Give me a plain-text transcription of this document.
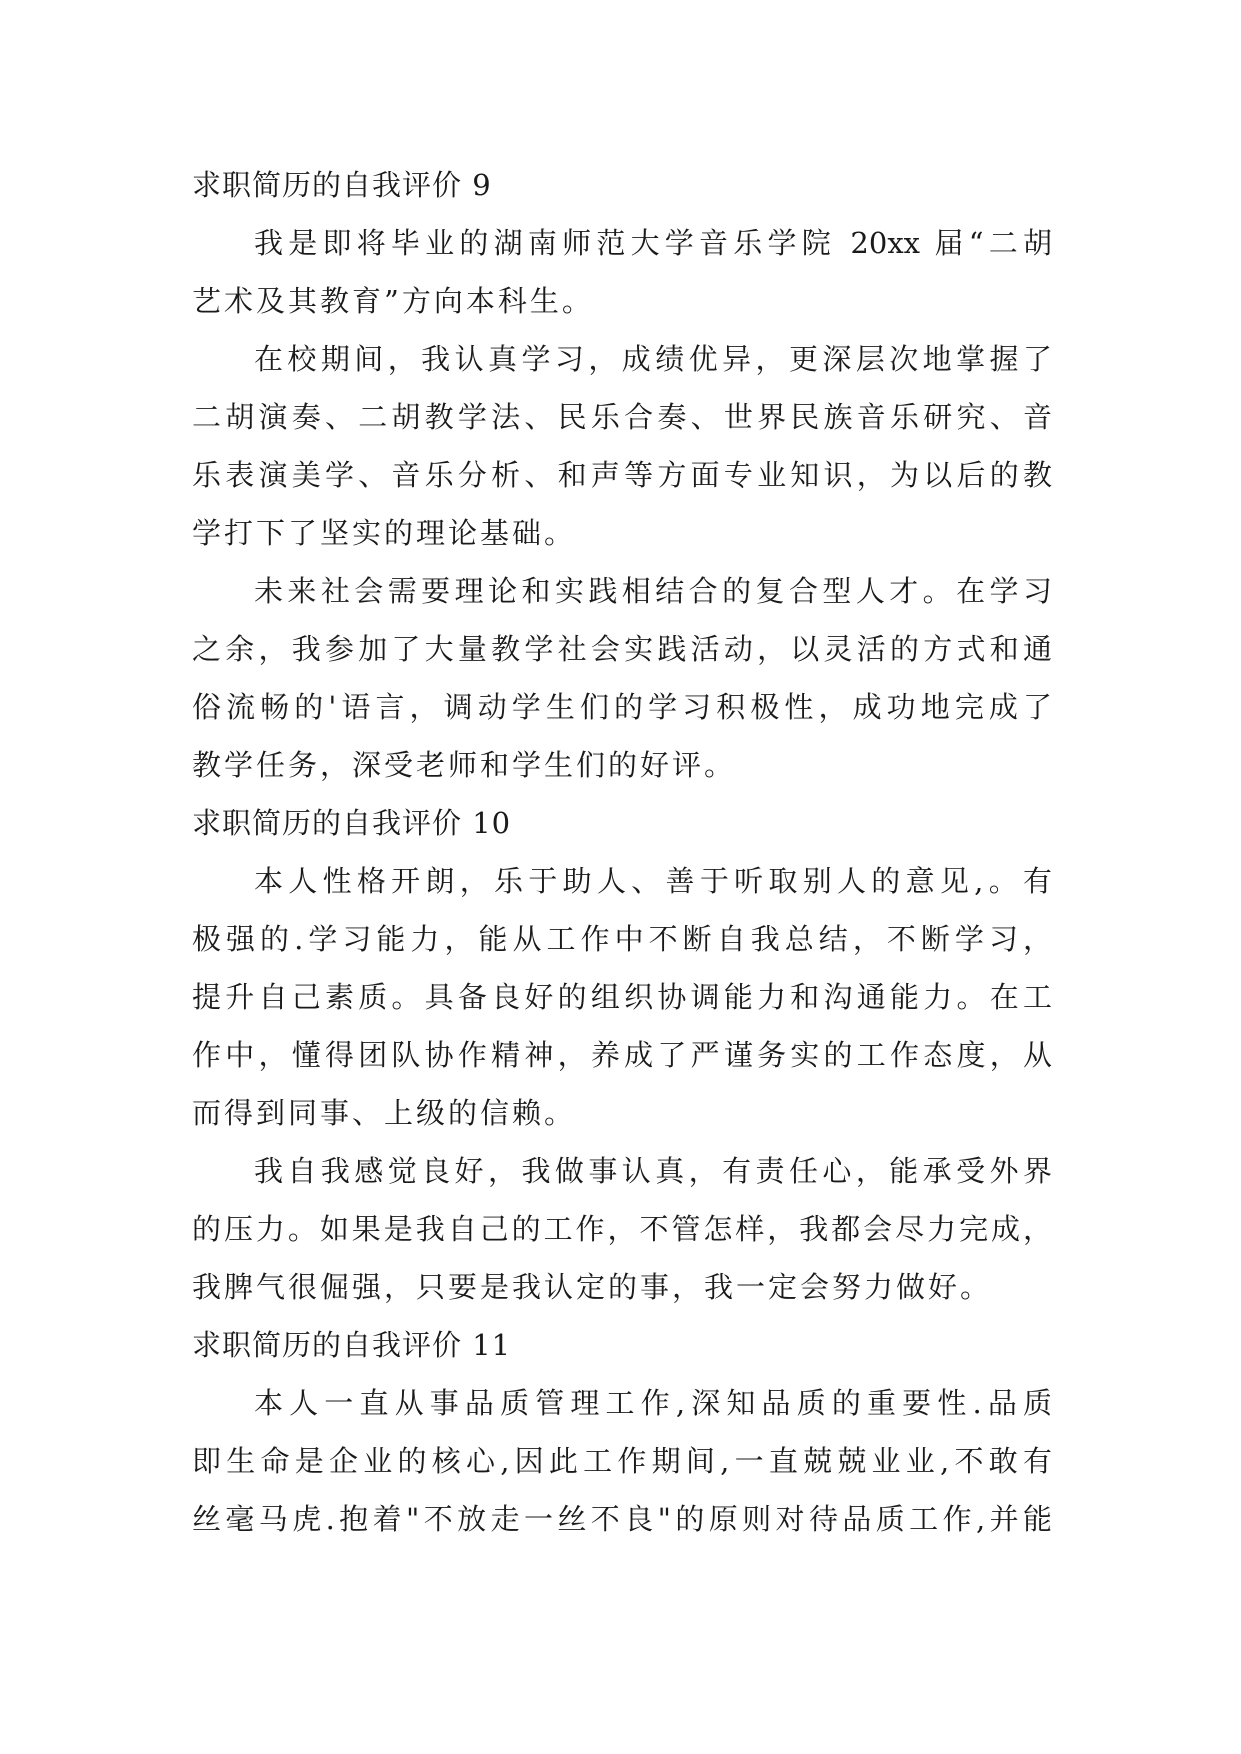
求职简历的自我评价 9
我是即将毕业的湖南师范大学音乐学院 20xx 届“二胡
艺术及其教育”方向本科生。
在校期间，我认真学习，成绩优异，更深层次地掌握了
二胡演奏、二胡教学法、民乐合奏、世界民族音乐研究、音
乐表演美学、音乐分析、和声等方面专业知识，为以后的教
学打下了坚实的理论基础。
未来社会需要理论和实践相结合的复合型人才。在学习
之余，我参加了大量教学社会实践活动，以灵活的方式和通
俗流畅的'语言，调动学生们的学习积极性，成功地完成了
教学任务，深受老师和学生们的好评。
求职简历的自我评价 10
本人性格开朗，乐于助人、善于听取别人的意见,。有
极强的.学习能力，能从工作中不断自我总结，不断学习，
提升自己素质。具备良好的组织协调能力和沟通能力。在工
作中，懂得团队协作精神，养成了严谨务实的工作态度，从
而得到同事、上级的信赖。
我自我感觉良好，我做事认真，有责任心，能承受外界
的压力。如果是我自己的工作，不管怎样，我都会尽力完成，
我脾气很倔强，只要是我认定的事，我一定会努力做好。
求职简历的自我评价 11
本人一直从事品质管理工作,深知品质的重要性.品质
即生命是企业的核心,因此工作期间,一直兢兢业业,不敢有
丝毫马虎.抱着"不放走一丝不良"的原则对待品质工作,并能
